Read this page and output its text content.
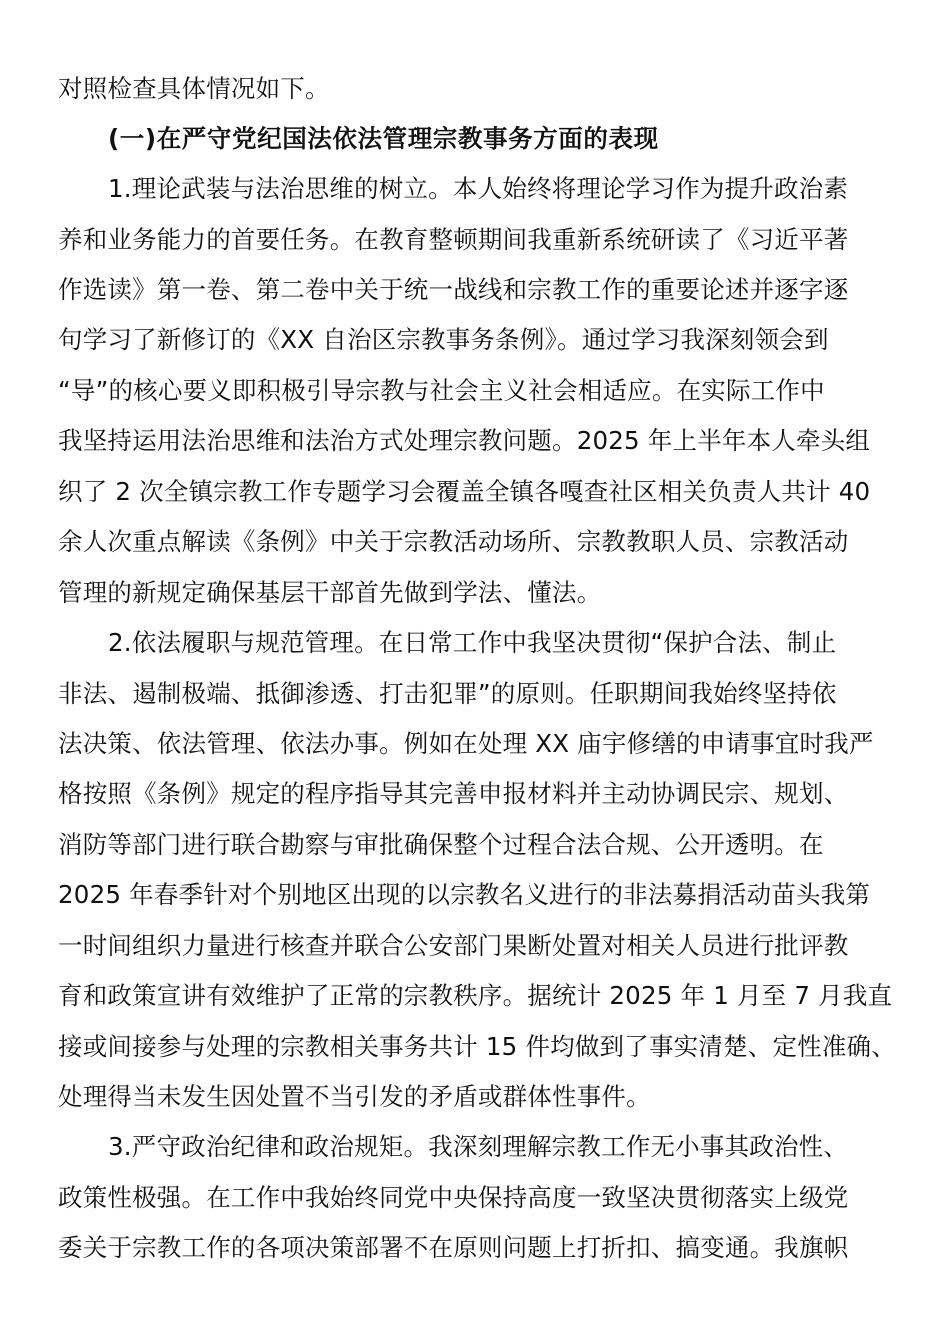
对照检查具体情况如下。
(一)在严守党纪国法依法管理宗教事务方面的表现
1.理论武装与法治思维的树立。本人始终将理论学习作为提升政治素
养和业务能力的首要任务。在教育整顿期间我重新系统研读了《习近平著
作选读》第一卷、第二卷中关于统一战线和宗教工作的重要论述并逐字逐
句学习了新修订的《XX 自治区宗教事务条例》。通过学习我深刻领会到
“导”的核心要义即积极引导宗教与社会主义社会相适应。在实际工作中
我坚持运用法治思维和法治方式处理宗教问题。2025 年上半年本人牵头组
织了 2 次全镇宗教工作专题学习会覆盖全镇各嘎查社区相关负责人共计 40
余人次重点解读《条例》中关于宗教活动场所、宗教教职人员、宗教活动
管理的新规定确保基层干部首先做到学法、懂法。
2.依法履职与规范管理。在日常工作中我坚决贯彻“保护合法、制止
非法、遏制极端、抵御渗透、打击犯罪”的原则。任职期间我始终坚持依
法决策、依法管理、依法办事。例如在处理 XX 庙宇修缮的申请事宜时我严
格按照《条例》规定的程序指导其完善申报材料并主动协调民宗、规划、
消防等部门进行联合勘察与审批确保整个过程合法合规、公开透明。在
2025 年春季针对个别地区出现的以宗教名义进行的非法募捐活动苗头我第
一时间组织力量进行核查并联合公安部门果断处置对相关人员进行批评教
育和政策宣讲有效维护了正常的宗教秩序。据统计 2025 年 1 月至 7 月我直
接或间接参与处理的宗教相关事务共计 15 件均做到了事实清楚、定性准确、
处理得当未发生因处置不当引发的矛盾或群体性事件。
3.严守政治纪律和政治规矩。我深刻理解宗教工作无小事其政治性、
政策性极强。在工作中我始终同党中央保持高度一致坚决贯彻落实上级党
委关于宗教工作的各项决策部署不在原则问题上打折扣、搞变通。我旗帜
